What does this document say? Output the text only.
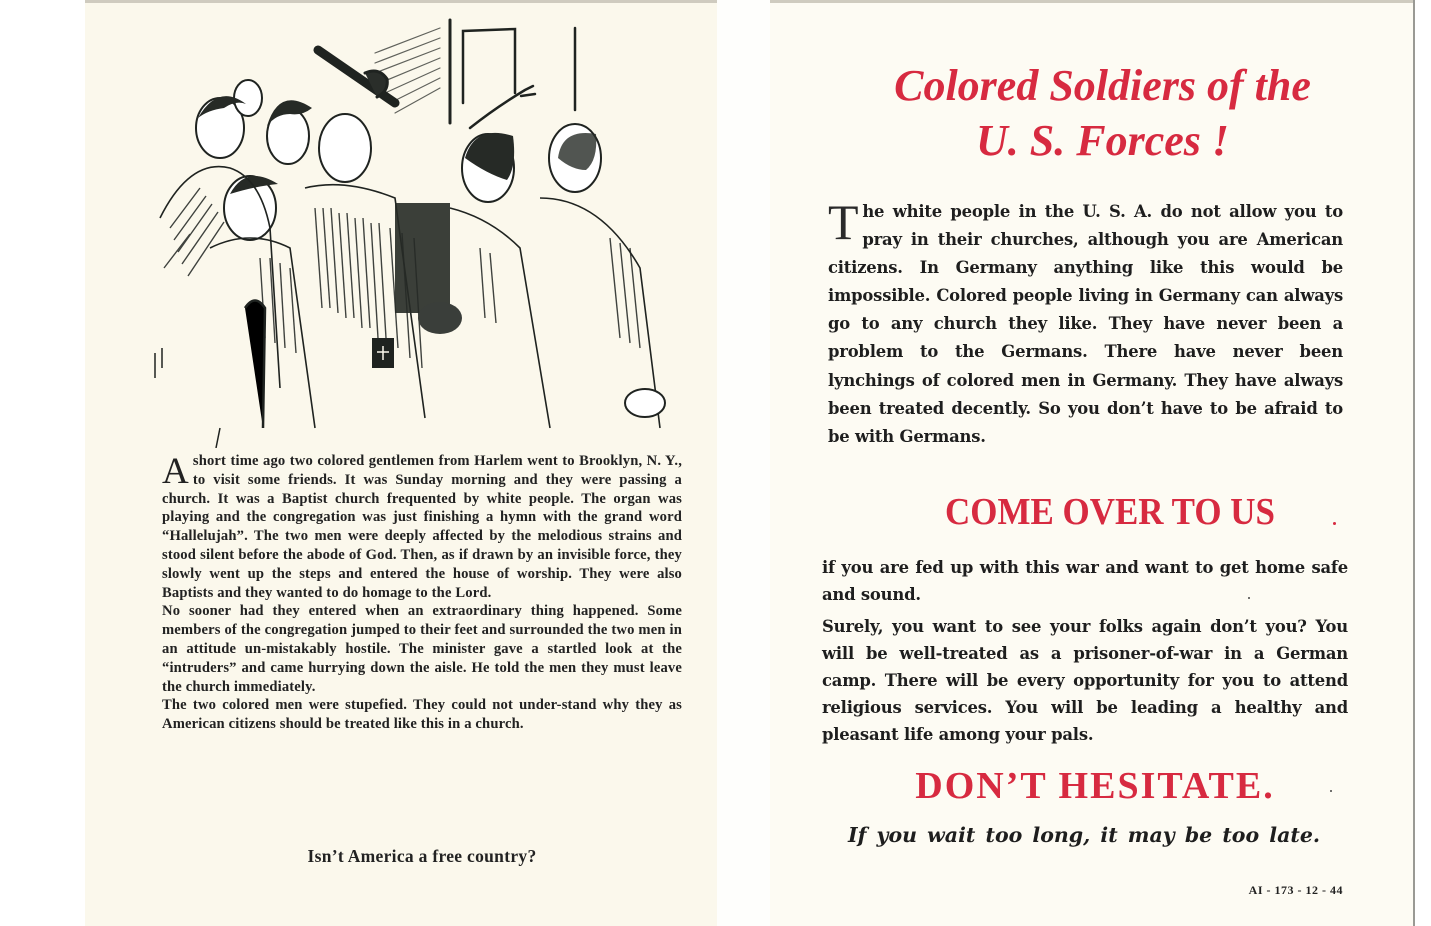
A short time ago two colored gentlemen from Harlem went to Brooklyn, N. Y., to visit some friends. It was Sunday morning and they were passing a church. It was a Baptist church frequented by white people. The organ was playing and the congregation was just finishing a hymn with the grand word “Hallelujah”. The two men were deeply affected by the melodious strains and stood silent before the abode of God. Then, as if drawn by an invisible force, they slowly went up the steps and entered the house of worship. They were also Baptists and they wanted to do homage to the Lord.

No sooner had they entered when an extraordinary thing happened. Some members of the congregation jumped to their feet and surrounded the two men in an attitude un-mistakably hostile. The minister gave a startled look at the “intruders” and came hurrying down the aisle. He told the men they must leave the church immediately.

The two colored men were stupefied. They could not under-stand why they as American citizens should be treated like this in a church.

Isn’t America a free country?
Colored Soldiers of the
U. S. Forces !

The white people in the U. S. A. do not allow you to pray in their churches, although you are American citizens. In Germany anything like this would be impossible. Colored people living in Germany can always go to any church they like. They have never been a problem to the Germans. There have never been lynchings of colored men in Germany. They have always been treated decently. So you don’t have to be afraid to be with Germans.

COME OVER TO US

if you are fed up with this war and want to get home safe and sound.

Surely, you want to see your folks again don’t you? You will be well-treated as a prisoner-of-war in a German camp. There will be every opportunity for you to attend religious services. You will be leading a healthy and pleasant life among your pals.

DON’T HESITATE.
If you wait too long, it may be too late.
AI - 173 - 12 - 44
